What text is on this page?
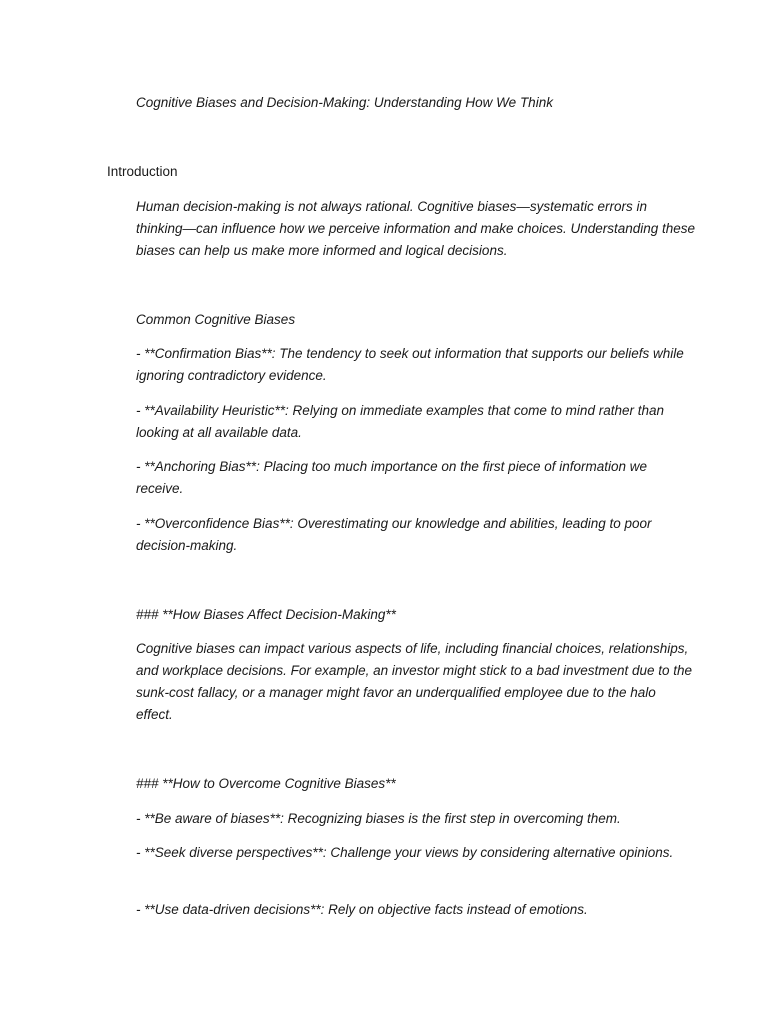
Cognitive Biases and Decision-Making: Understanding How We Think

Introduction

Human decision-making is not always rational. Cognitive biases—systematic errors in thinking—can influence how we perceive information and make choices. Understanding these biases can help us make more informed and logical decisions.

Common Cognitive Biases

- **Confirmation Bias**: The tendency to seek out information that supports our beliefs while ignoring contradictory evidence.

- **Availability Heuristic**: Relying on immediate examples that come to mind rather than looking at all available data.

- **Anchoring Bias**: Placing too much importance on the first piece of information we receive.

- **Overconfidence Bias**: Overestimating our knowledge and abilities, leading to poor decision-making.

### **How Biases Affect Decision-Making**

Cognitive biases can impact various aspects of life, including financial choices, relationships, and workplace decisions. For example, an investor might stick to a bad investment due to the sunk-cost fallacy, or a manager might favor an underqualified employee due to the halo effect.

### **How to Overcome Cognitive Biases**

- **Be aware of biases**: Recognizing biases is the first step in overcoming them.

- **Seek diverse perspectives**: Challenge your views by considering alternative opinions.

- **Use data-driven decisions**: Rely on objective facts instead of emotions.
